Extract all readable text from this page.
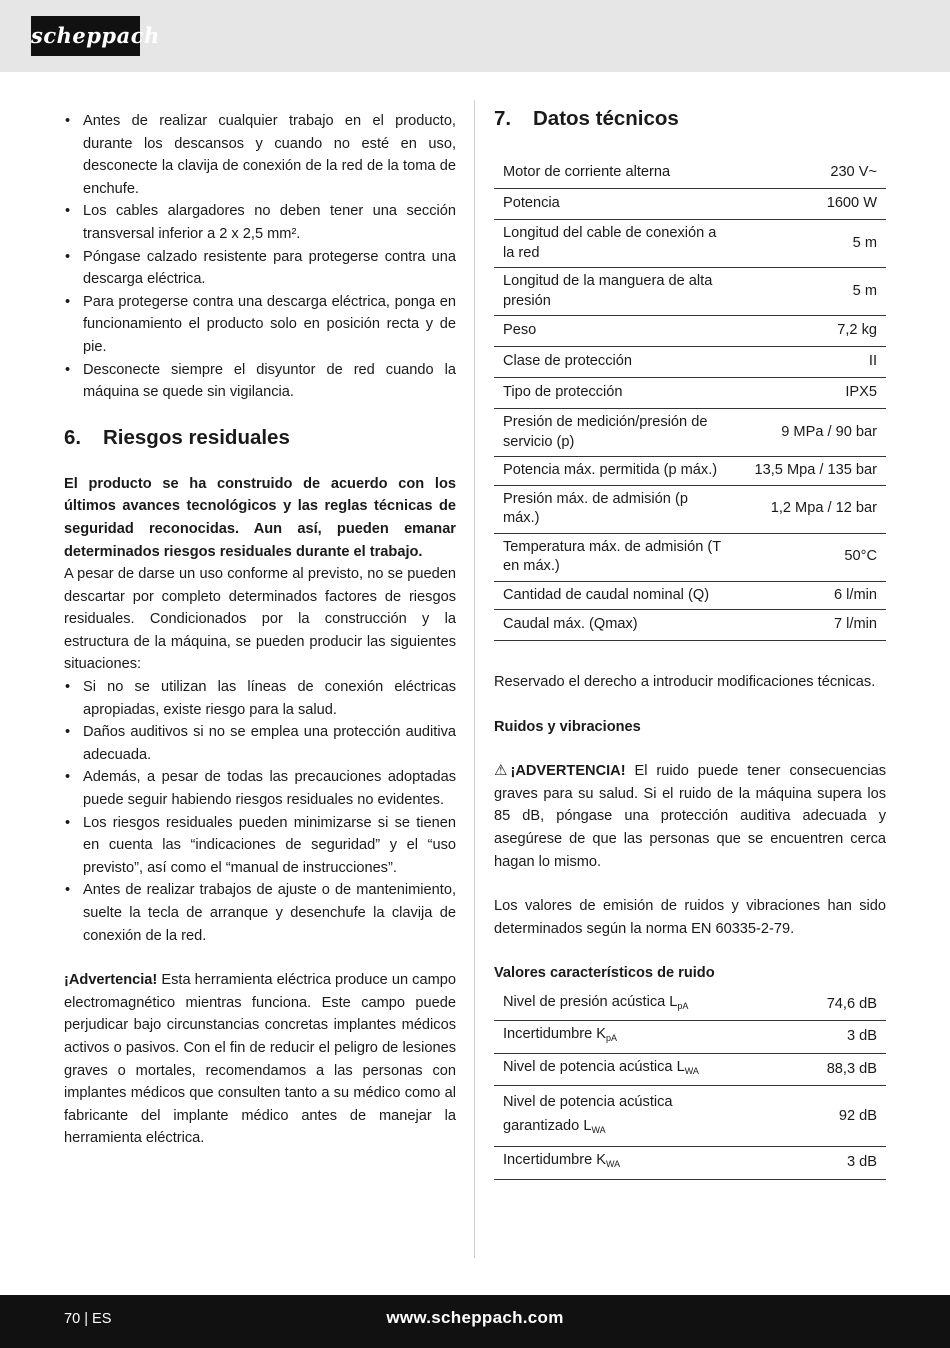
scheppach
• Antes de realizar cualquier trabajo en el producto, durante los descansos y cuando no esté en uso, desconecte la clavija de conexión de la red de la toma de enchufe.
• Los cables alargadores no deben tener una sección transversal inferior a 2 x 2,5 mm².
• Póngase calzado resistente para protegerse contra una descarga eléctrica.
• Para protegerse contra una descarga eléctrica, ponga en funcionamiento el producto solo en posición recta y de pie.
• Desconecte siempre el disyuntor de red cuando la máquina se quede sin vigilancia.
6. Riesgos residuales

El producto se ha construido de acuerdo con los últimos avances tecnológicos y las reglas técnicas de seguridad reconocidas. Aun así, pueden emanar determinados riesgos residuales durante el trabajo.

A pesar de darse un uso conforme al previsto, no se pueden descartar por completo determinados factores de riesgos residuales. Condicionados por la construcción y la estructura de la máquina, se pueden producir las siguientes situaciones:

• Si no se utilizan las líneas de conexión eléctricas apropiadas, existe riesgo para la salud.
• Daños auditivos si no se emplea una protección auditiva adecuada.
• Además, a pesar de todas las precauciones adoptadas puede seguir habiendo riesgos residuales no evidentes.
• Los riesgos residuales pueden minimizarse si se tienen en cuenta las “indicaciones de seguridad” y el “uso previsto”, así como el “manual de instrucciones”.
• Antes de realizar trabajos de ajuste o de mantenimiento, suelte la tecla de arranque y desenchufe la clavija de conexión de la red.

¡Advertencia! Esta herramienta eléctrica produce un campo electromagnético mientras funciona. Este campo puede perjudicar bajo circunstancias concretas implantes médicos activos o pasivos. Con el fin de reducir el peligro de lesiones graves o mortales, recomendamos a las personas con implantes médicos que consulten tanto a su médico como al fabricante del implante médico antes de manejar la herramienta eléctrica.

7. Datos técnicos
Motor de corriente alterna	230 V~
Potencia	1600 W
Longitud del cable de conexión a la red	5 m
Longitud de la manguera de alta presión	5 m
Peso	7,2 kg
Clase de protección	II
Tipo de protección	IPX5
Presión de medición/presión de servicio (p)	9 MPa / 90 bar
Potencia máx. permitida (p máx.)	13,5 Mpa / 135 bar
Presión máx. de admisión (p máx.)	1,2 Mpa / 12 bar
Temperatura máx. de admisión (T en máx.)	50°C
Cantidad de caudal nominal (Q)	6 l/min
Caudal máx. (Qmax)	7 l/min

Reservado el derecho a introducir modificaciones técnicas.

Ruidos y vibraciones

⚠ ¡ADVERTENCIA! El ruido puede tener consecuencias graves para su salud. Si el ruido de la máquina supera los 85 dB, póngase una protección auditiva adecuada y asegúrese de que las personas que se encuentren cerca hagan lo mismo.

Los valores de emisión de ruidos y vibraciones han sido determinados según la norma EN 60335-2-79.

Valores característicos de ruido

Nivel de presión acústica $L_{pA}$	74,6 dB
Incertidumbre $K_{pA}$	3 dB
Nivel de potencia acústica $L_{WA}$	88,3 dB
Nivel de potencia acústica
garantizado $L_{WA}$	92 dB
Incertidumbre $K_{WA}$	3 dB
70 | ES	www.scheppach.com
